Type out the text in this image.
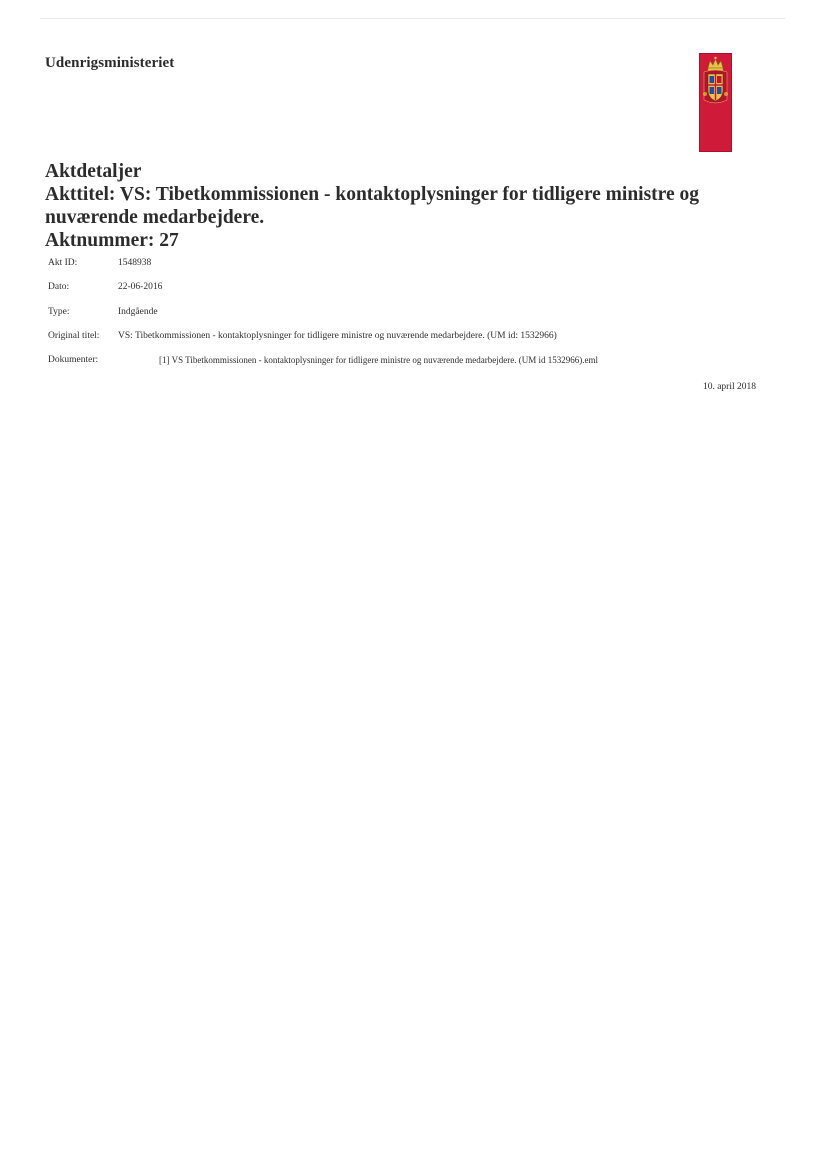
Udenrigsministeriet
Aktdetaljer
Akttitel: VS: Tibetkommissionen - kontaktoplysninger for tidligere ministre og
nuværende medarbejdere.
Aktnummer: 27
Akt ID:	1548938
Dato:	22-06-2016
Type:	Indgående
Original titel: VS: Tibetkommissionen - kontaktoplysninger for tidligere ministre og nuværende medarbejdere. (UM id: 1532966)
Dokumenter:	[1] VS Tibetkommissionen - kontaktoplysninger for tidligere ministre og nuværende medarbejdere. (UM id 1532966).eml
10. april 2018
